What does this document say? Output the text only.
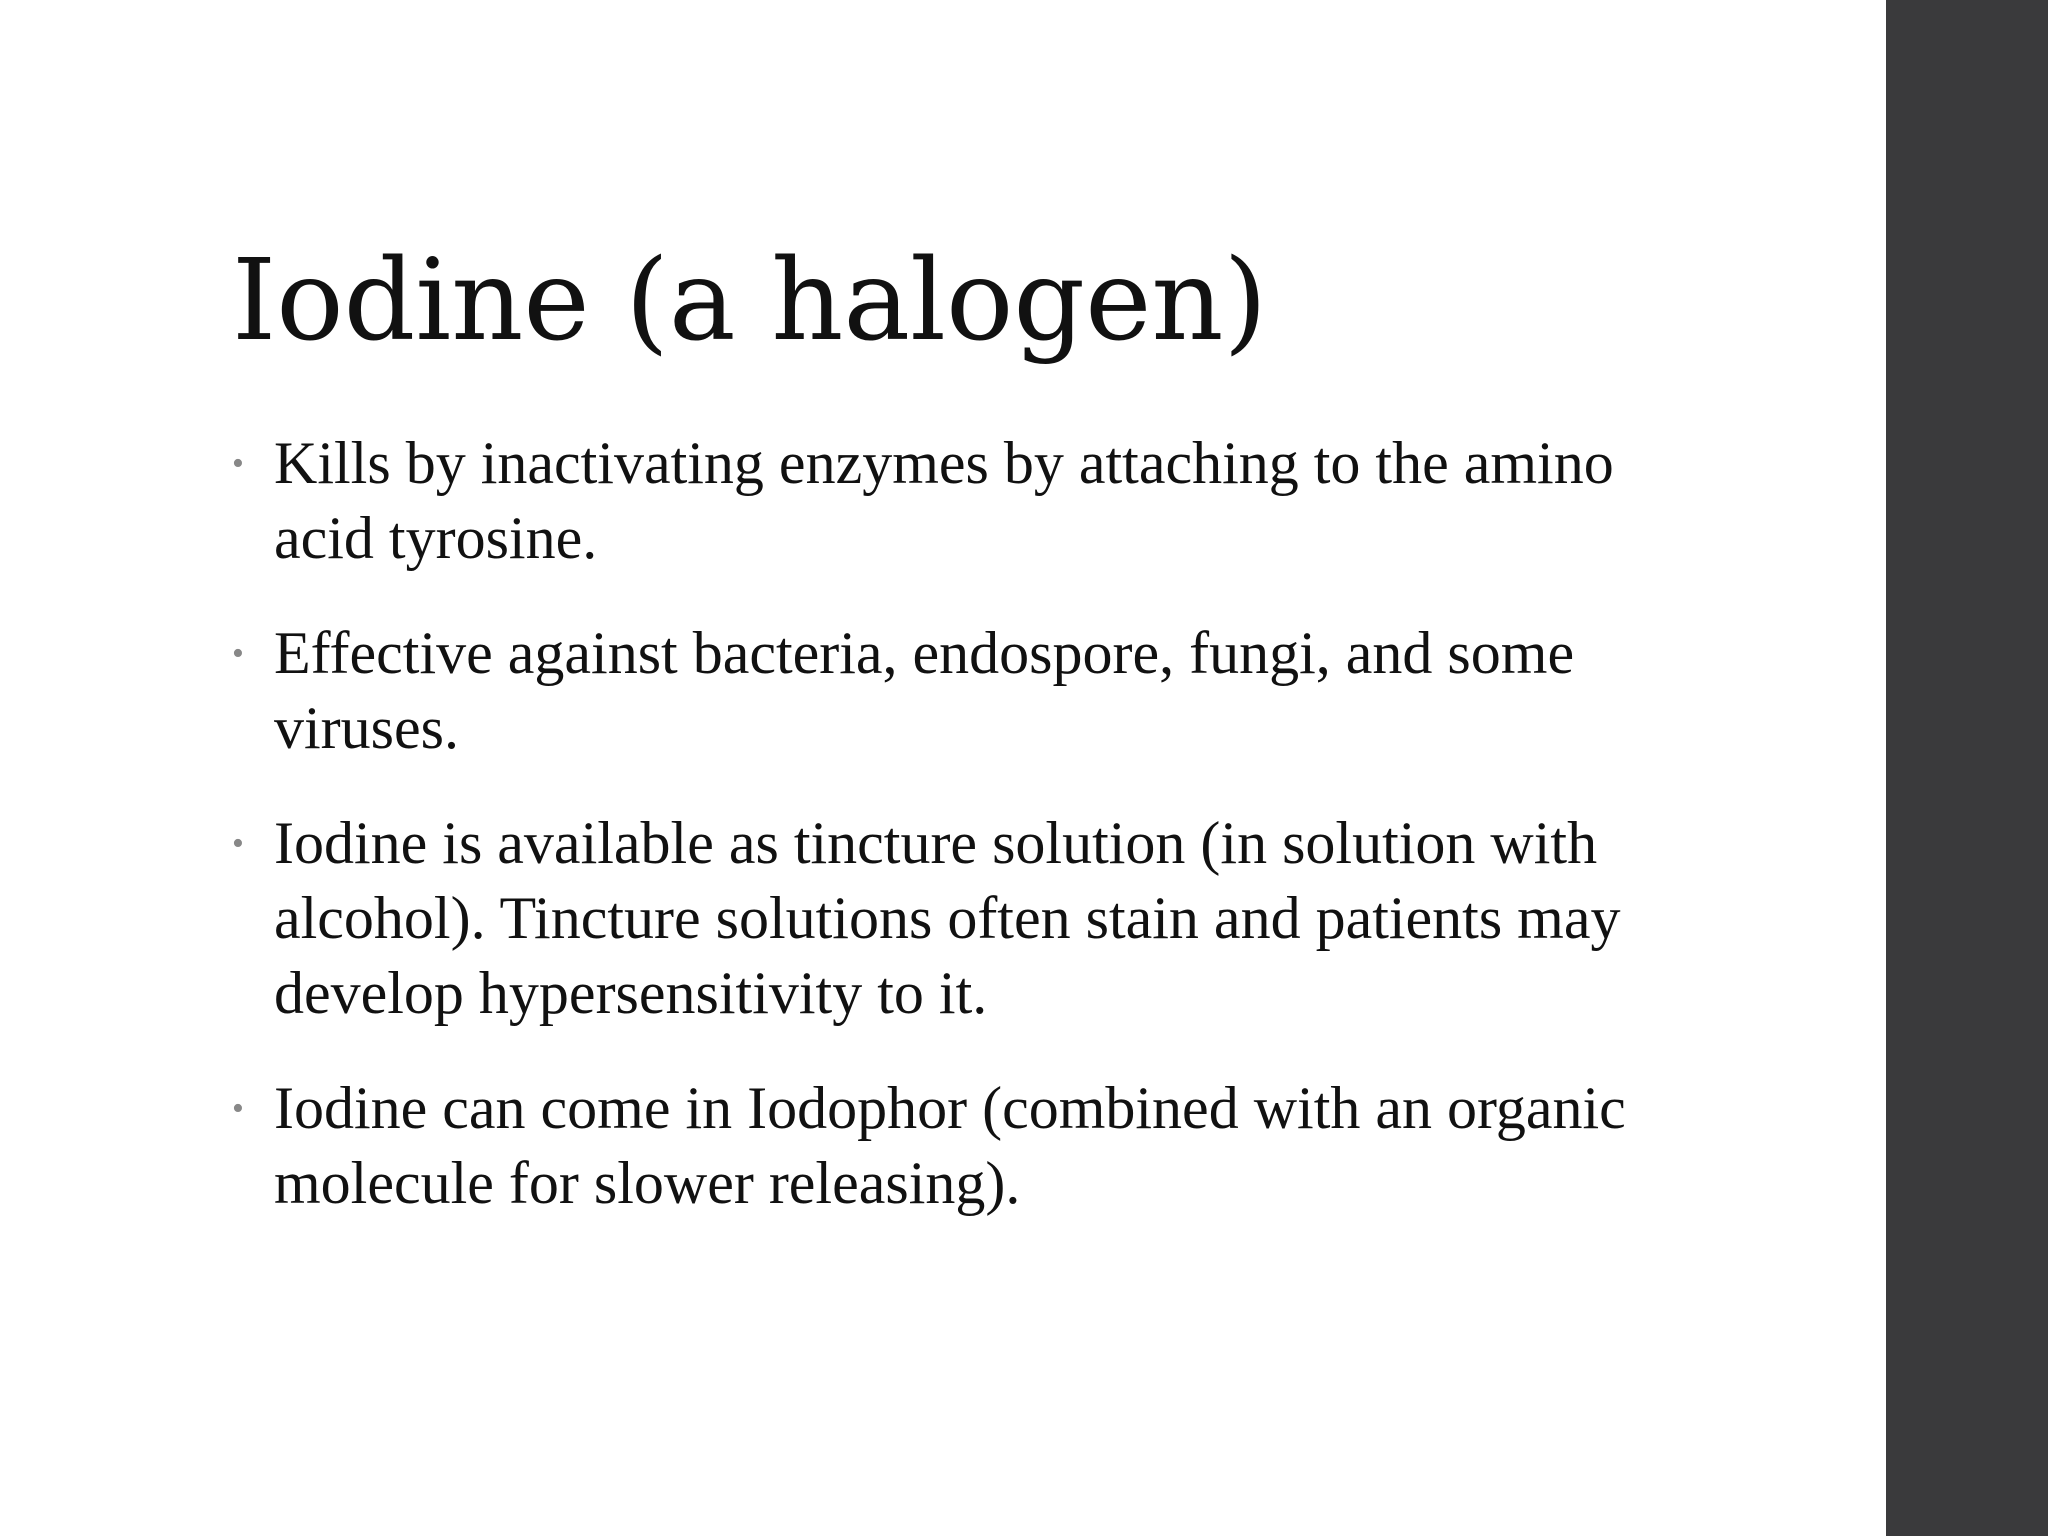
Iodine (a halogen)
• Kills by inactivating enzymes by attaching to the amino acid tyrosine.
• Effective against bacteria, endospore, fungi, and some viruses.
• Iodine is available as tincture solution (in solution with alcohol). Tincture solutions often stain and patients may develop hypersensitivity to it.
• Iodine can come in Iodophor (combined with an organic molecule for slower releasing).
